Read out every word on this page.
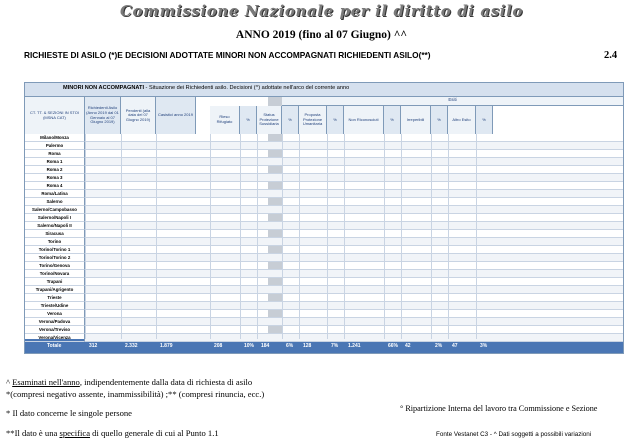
Commissione Nazionale per il diritto di asilo
ANNO 2019 (fino al 07 Giugno) ^^
RICHIESTE DI ASILO (*)E DECISIONI ADOTTATE MINORI NON ACCOMPAGNATI RICHIEDENTI ASILO(**)	2.4
MINORI NON ACCOMPAGNATI - Situazione dei Richiedenti asilo. Decisioni (^) adottate nell'arco del corrente anno
Esiti
Totale	312	2.332	1.879	208	10% 184	6% 128	7% 1.241	66% 42	2% 47	3%
CT. TT. & SEZIONI IN STOI (MSNA CAT)
Richiedenti Asilo (Anno 2019 dal 01 Gennaio al 07 Giugno 2019)
Pendenti (alla data del 07 Giugno 2019)
Casistici anno 2019	Rieso Rifugiato	%
Status Protezione Sussidiaria
%
Proposta Protezione Umanitaria
%	Non Riconosciuti	%	Irreperibili	%	Altro Esito	%
Milano/Monza
Palermo
Roma
Roma 1
Roma 2
Roma 3
Roma 4
Roma/Latina
Salerno
Salerno/Campobasso
Salerno/Napoli I
Salerno/Napoli II
Siracusa
Torino
Torino/Torino 1
Torino/Torino 2
Torino/Genova
Torino/Novara
Trapani
Trapani/Agrigento
Trieste
Trieste/Udine
Verona
Verona/Padova
Verona/Treviso
Verona/Vicenza
^ Esaminati nell'anno, indipendentemente dalla data di richiesta di asilo
*(compresi negativo assente, inammissibilità) ;** (compresi rinuncia, ecc.)
* Il dato concerne le singole persone
**Il dato è una specifica di quello generale di cui al Punto 1.1
° Ripartizione Interna del lavoro tra Commissione e Sezione
Fonte Vestanet C3 - ^ Dati soggetti a possibili variazioni
